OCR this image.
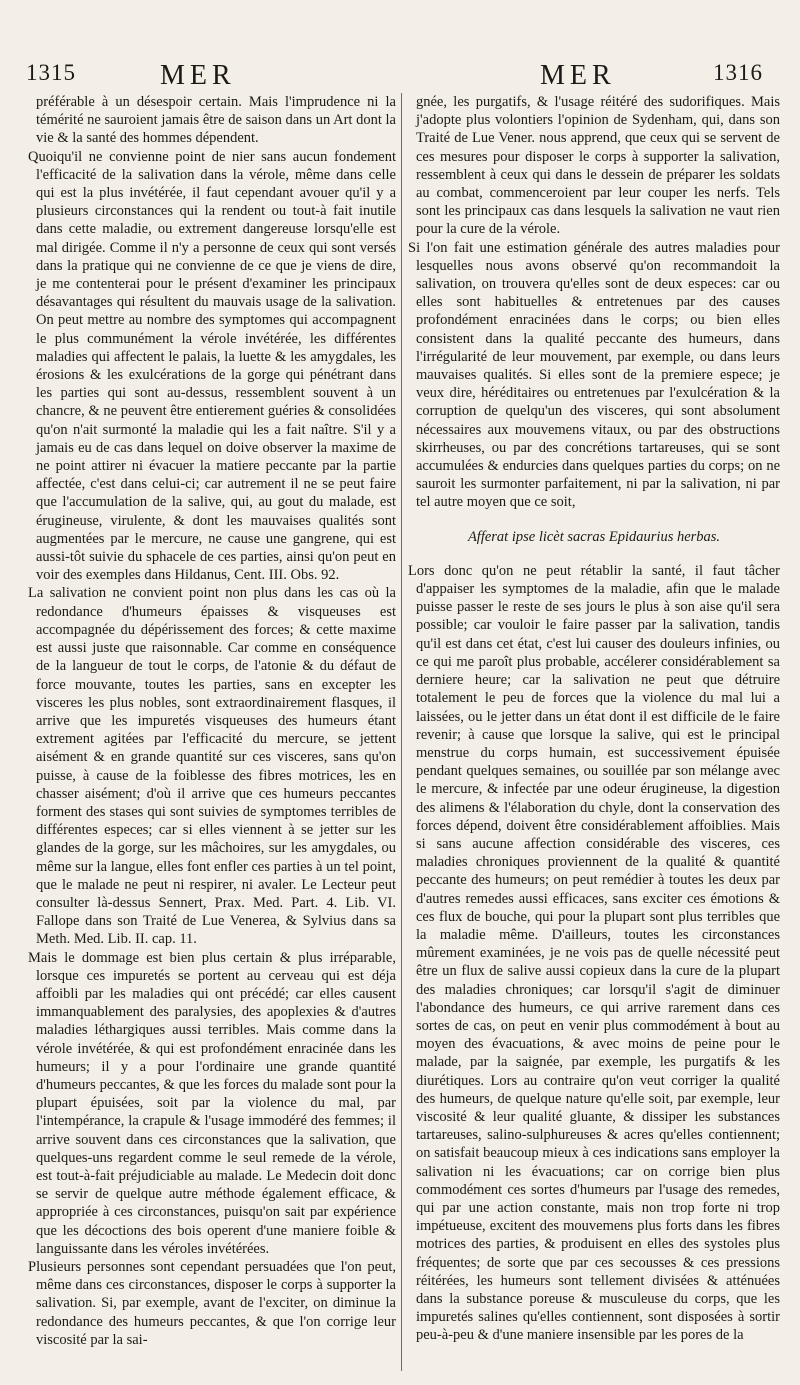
1315	MER	MER	1316

préférable à un désespoir certain. Mais l'imprudence ni la témérité ne sauroient jamais être de saison dans un Art dont la vie & la santé des hommes dépendent.

Quoiqu'il ne convienne point de nier sans aucun fondement l'efficacité de la salivation dans la vérole, même dans celle qui est la plus invétérée, il faut cependant avouer qu'il y a plusieurs circonstances qui la rendent ou tout-à fait inutile dans cette maladie, ou extrement dangereuse lorsqu'elle est mal dirigée. Comme il n'y a personne de ceux qui sont versés dans la pratique qui ne convienne de ce que je viens de dire, je me contenterai pour le présent d'examiner les principaux désavantages qui résultent du mauvais usage de la salivation. On peut mettre au nombre des symptomes qui accompagnent le plus communément la vérole invétérée, les différentes maladies qui affectent le palais, la luette & les amygdales, les érosions & les exulcérations de la gorge qui pénétrant dans les parties qui sont au-dessus, ressemblent souvent à un chancre, & ne peuvent être entierement guéries & consolidées qu'on n'ait surmonté la maladie qui les a fait naître. S'il y a jamais eu de cas dans lequel on doive observer la maxime de ne point attirer ni évacuer la matiere peccante par la partie affectée, c'est dans celui-ci; car autrement il ne se peut faire que l'accumulation de la salive, qui, au gout du malade, est érugineuse, virulente, & dont les mauvaises qualités sont augmentées par le mercure, ne cause une gangrene, qui est aussi-tôt suivie du sphacele de ces parties, ainsi qu'on peut en voir des exemples dans Hildanus, Cent. III. Obs. 92.

La salivation ne convient point non plus dans les cas où la redondance d'humeurs épaisses & visqueuses est accompagnée du dépérissement des forces; & cette maxime est aussi juste que raisonnable. Car comme en conséquence de la langueur de tout le corps, de l'atonie & du défaut de force mouvante, toutes les parties, sans en excepter les visceres les plus nobles, sont extraordinairement flasques, il arrive que les impuretés visqueuses des humeurs étant extrement agitées par l'efficacité du mercure, se jettent aisément & en grande quantité sur ces visceres, sans qu'on puisse, à cause de la foiblesse des fibres motrices, les en chasser aisément; d'où il arrive que ces humeurs peccantes forment des stases qui sont suivies de symptomes terribles de différentes especes; car si elles viennent à se jetter sur les glandes de la gorge, sur les mâchoires, sur les amygdales, ou même sur la langue, elles font enfler ces parties à un tel point, que le malade ne peut ni respirer, ni avaler. Le Lecteur peut consulter là-dessus Sennert, Prax. Med. Part. 4. Lib. VI. Fallope dans son Traité de Lue Venerea, & Sylvius dans sa Meth. Med. Lib. II. cap. 11.

Mais le dommage est bien plus certain & plus irréparable, lorsque ces impuretés se portent au cerveau qui est déja affoibli par les maladies qui ont précédé; car elles causent immanquablement des paralysies, des apoplexies & d'autres maladies léthargiques aussi terribles. Mais comme dans la vérole invétérée, & qui est profondément enracinée dans les humeurs; il y a pour l'ordinaire une grande quantité d'humeurs peccantes, & que les forces du malade sont pour la plupart épuisées, soit par la violence du mal, par l'intempérance, la crapule & l'usage immodéré des femmes; il arrive souvent dans ces circonstances que la salivation, que quelques-uns regardent comme le seul remede de la vérole, est tout-à-fait préjudiciable au malade. Le Medecin doit donc se servir de quelque autre méthode également efficace, & appropriée à ces circonstances, puisqu'on sait par expérience que les décoctions des bois operent d'une maniere foible & languissante dans les véroles invétérées.

Plusieurs personnes sont cependant persuadées que l'on peut, même dans ces circonstances, disposer le corps à supporter la salivation. Si, par exemple, avant de l'exciter, on diminue la redondance des humeurs peccantes, & que l'on corrige leur viscosité par la sai-

gnée, les purgatifs, & l'usage réitéré des sudorifiques. Mais j'adopte plus volontiers l'opinion de Sydenham, qui, dans son Traité de Lue Vener. nous apprend, que ceux qui se servent de ces mesures pour disposer le corps à supporter la salivation, ressemblent à ceux qui dans le dessein de préparer les soldats au combat, commenceroient par leur couper les nerfs. Tels sont les principaux cas dans lesquels la salivation ne vaut rien pour la cure de la vérole.

Si l'on fait une estimation générale des autres maladies pour lesquelles nous avons observé qu'on recommandoit la salivation, on trouvera qu'elles sont de deux especes: car ou elles sont habituelles & entretenues par des causes profondément enracinées dans le corps; ou bien elles consistent dans la qualité peccante des humeurs, dans l'irrégularité de leur mouvement, par exemple, ou dans leurs mauvaises qualités. Si elles sont de la premiere espece; je veux dire, héréditaires ou entretenues par l'exulcération & la corruption de quelqu'un des visceres, qui sont absolument nécessaires aux mouvemens vitaux, ou par des obstructions skirrheuses, ou par des concrétions tartareuses, qui se sont accumulées & endurcies dans quelques parties du corps; on ne sauroit les surmonter parfaitement, ni par la salivation, ni par tel autre moyen que ce soit,

Afferat ipse licèt sacras Epidaurius herbas.

Lors donc qu'on ne peut rétablir la santé, il faut tâcher d'appaiser les symptomes de la maladie, afin que le malade puisse passer le reste de ses jours le plus à son aise qu'il sera possible; car vouloir le faire passer par la salivation, tandis qu'il est dans cet état, c'est lui causer des douleurs infinies, ou ce qui me paroît plus probable, accélerer considérablement sa derniere heure; car la salivation ne peut que détruire totalement le peu de forces que la violence du mal lui a laissées, ou le jetter dans un état dont il est difficile de le faire revenir; à cause que lorsque la salive, qui est le principal menstrue du corps humain, est successivement épuisée pendant quelques semaines, ou souillée par son mélange avec le mercure, & infectée par une odeur érugineuse, la digestion des alimens & l'élaboration du chyle, dont la conservation des forces dépend, doivent être considérablement affoiblies. Mais si sans aucune affection considérable des visceres, ces maladies chroniques proviennent de la qualité & quantité peccante des humeurs; on peut remédier à toutes les deux par d'autres remedes aussi efficaces, sans exciter ces émotions & ces flux de bouche, qui pour la plupart sont plus terribles que la maladie même. D'ailleurs, toutes les circonstances mûrement examinées, je ne vois pas de quelle nécessité peut être un flux de salive aussi copieux dans la cure de la plupart des maladies chroniques; car lorsqu'il s'agit de diminuer l'abondance des humeurs, ce qui arrive rarement dans ces sortes de cas, on peut en venir plus commodément à bout au moyen des évacuations, & avec moins de peine pour le malade, par la saignée, par exemple, les purgatifs & les diurétiques. Lors au contraire qu'on veut corriger la qualité des humeurs, de quelque nature qu'elle soit, par exemple, leur viscosité & leur qualité gluante, & dissiper les substances tartareuses, salino-sulphureuses & acres qu'elles contiennent; on satisfait beaucoup mieux à ces indications sans employer la salivation ni les évacuations; car on corrige bien plus commodément ces sortes d'humeurs par l'usage des remedes, qui par une action constante, mais non trop forte ni trop impétueuse, excitent des mouvemens plus forts dans les fibres motrices des parties, & produisent en elles des systoles plus fréquentes; de sorte que par ces secousses & ces pressions réitérées, les humeurs sont tellement divisées & atténuées dans la substance poreuse & musculeuse du corps, que les impuretés salines qu'elles contiennent, sont disposées à sortir peu-à-peu & d'une maniere insensible par les pores de la
